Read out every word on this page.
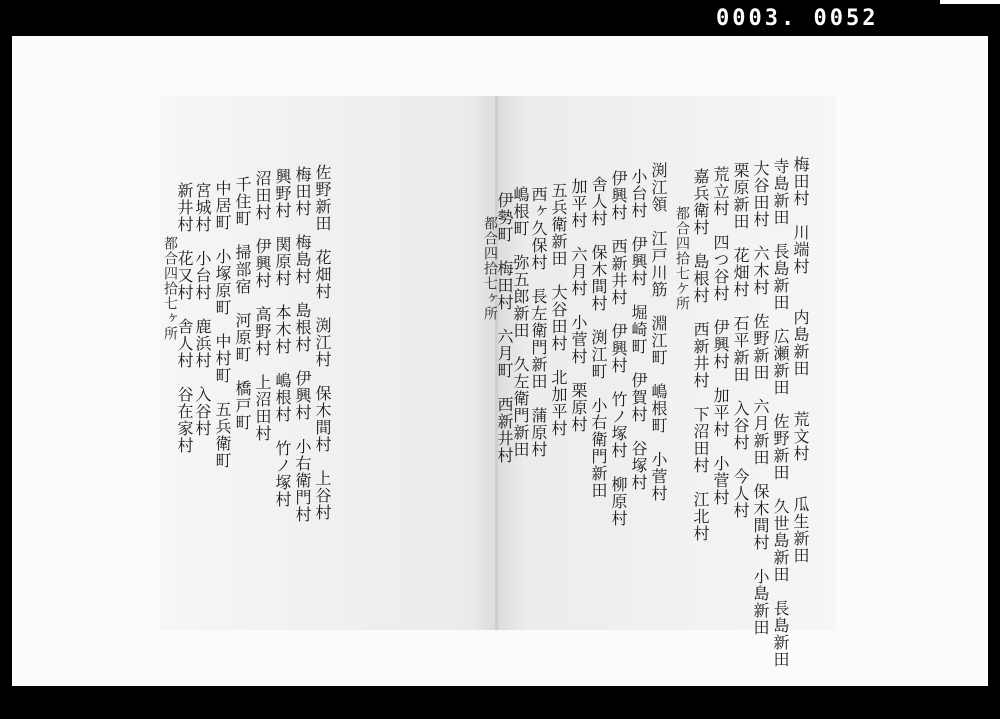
0003. 0052
佐野新田　花畑村　渕江村　保木間村　上谷村
梅田村　梅島村　島根村　伊興村　小右衛門村
興野村　関原村　本木村　嶋根村　竹ノ塚村
沼田村　伊興村　高野村　上沼田村
千住町　掃部宿　河原町　橋戸町
中居町　小塚原町　中村町　五兵衛町
宮城村　小台村　鹿浜村　入谷村
新井村　花又村　舎人村　谷在家村
都合四拾七ヶ所	梅田村　川端村　　内島新田　　荒文村　　瓜生新田
寺島新田　長島新田　広瀬新田　佐野新田　久世島新田　長島新田
大谷田村　六木村　佐野新田　六月新田　保木間村　小島新田
栗原新田　花畑村　石平新田　入谷村　今人村
荒立村　四つ谷村　伊興村　加平村　小菅村
嘉兵衛村　島根村　西新井村　下沼田村　江北村
都合四拾七ケ所
渕江領　江戸川筋　淵江町　嶋根町　小菅村
小台村　伊興村　堀崎町　伊賀村　谷塚村
伊興村　西新井村　伊興村　竹ノ塚村　柳原村
舎人村　保木間村　渕江町　小右衛門新田
加平村　六月村　小菅村　栗原村
五兵衛新田　大谷田村　北加平村
西ヶ久保村　長左衛門新田　蒲原村
嶋根町　弥五郎新田　久左衛門新田
伊勢町　梅田村　六月町　西新井村
都合四拾七ヶ所
